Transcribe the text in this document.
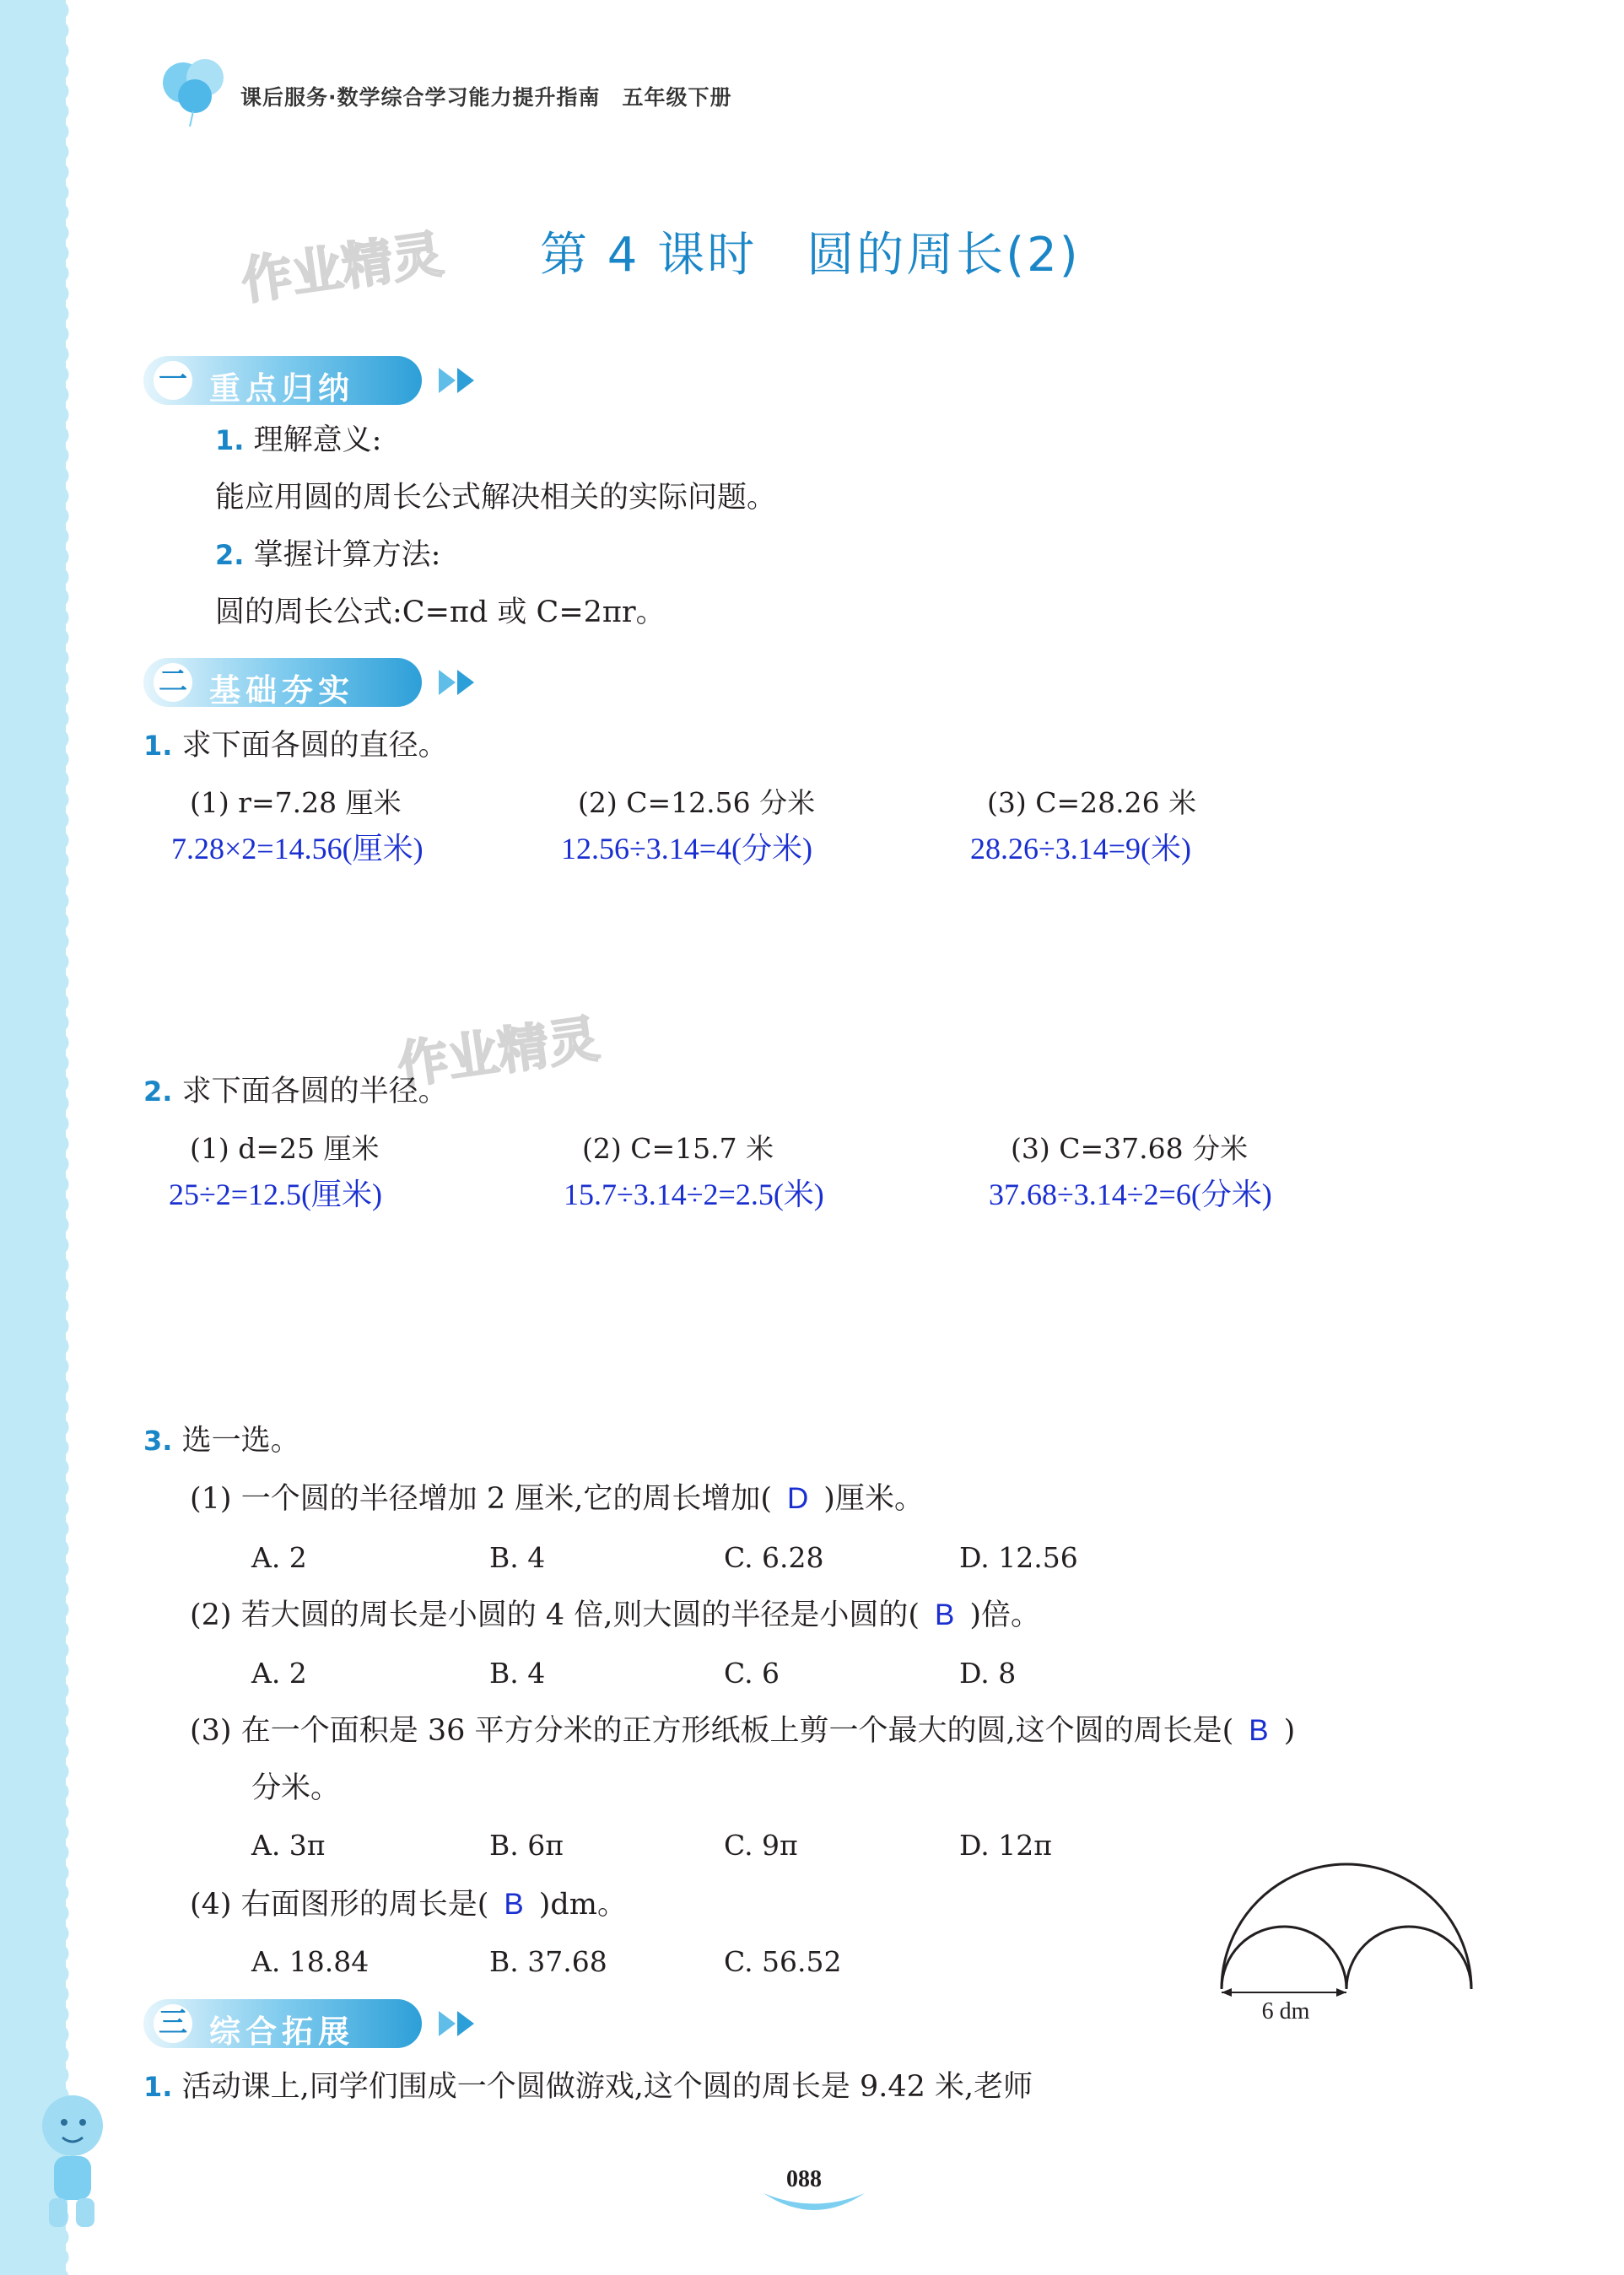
课后服务·数学综合学习能力提升指南　五年级下册
作业精灵 第 4 课时　圆的周长(2)
一 重点归纳
1. 理解意义:
能应用圆的周长公式解决相关的实际问题。
2. 掌握计算方法:
圆的周长公式:C=πd 或 C=2πr。
二 基础夯实
1. 求下面各圆的直径。
(1) r=7.28 厘米	(2) C=12.56 分米	(3) C=28.26 米
7.28×2=14.56(厘米)	12.56÷3.14=4(分米)	28.26÷3.14=9(米)
作业精灵
2. 求下面各圆的半径。
(1) d=25 厘米	(2) C=15.7 米	(3) C=37.68 分米
25÷2=12.5(厘米)	15.7÷3.14÷2=2.5(米)	37.68÷3.14÷2=6(分米)
3. 选一选。
(1) 一个圆的半径增加 2 厘米,它的周长增加( D )厘米。
A. 2	B. 4	C. 6.28	D. 12.56
(2) 若大圆的周长是小圆的 4 倍,则大圆的半径是小圆的( B )倍。
A. 2	B. 4	C. 6	D. 8
(3) 在一个面积是 36 平方分米的正方形纸板上剪一个最大的圆,这个圆的周长是( B )
分米。
A. 3π	B. 6π	C. 9π	D. 12π
(4) 右面图形的周长是( B )dm。
A. 18.84	B. 37.68	C. 56.52
6 dm
三 综合拓展
1. 活动课上,同学们围成一个圆做游戏,这个圆的周长是 9.42 米,老师
088
